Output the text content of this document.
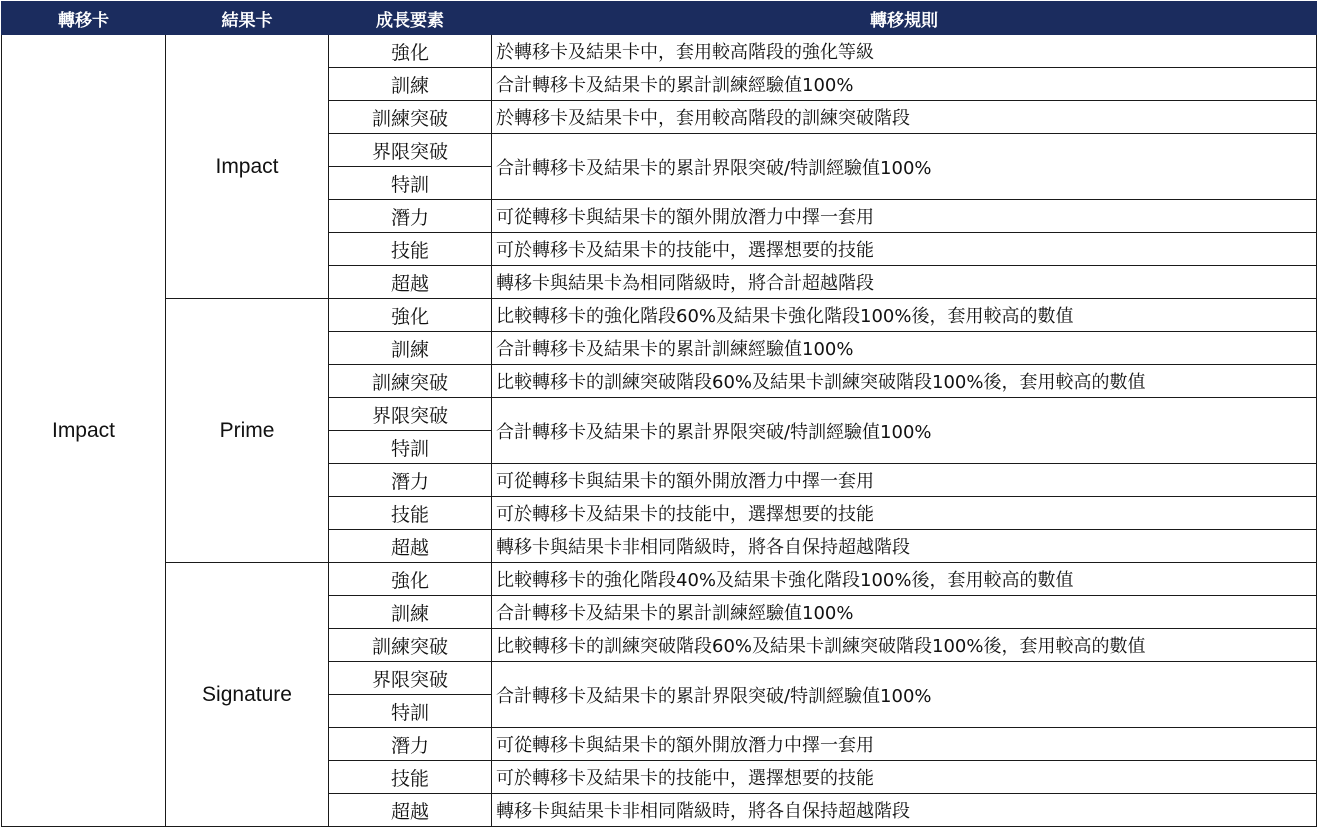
轉移卡	結果卡	成長要素	轉移規則
Impact	Impact	強化	於轉移卡及結果卡中，套用較高階段的強化等級
		訓練	合計轉移卡及結果卡的累計訓練經驗值100%
		訓練突破	於轉移卡及結果卡中，套用較高階段的訓練突破階段
		界限突破	合計轉移卡及結果卡的累計界限突破/特訓經驗值100%
		特訓	
		潛力	可從轉移卡與結果卡的額外開放潛力中擇一套用
		技能	可於轉移卡及結果卡的技能中，選擇想要的技能
		超越	轉移卡與結果卡為相同階級時，將合計超越階段
	Prime	強化	比較轉移卡的強化階段60%及結果卡強化階段100%後，套用較高的數值
		訓練	合計轉移卡及結果卡的累計訓練經驗值100%
		訓練突破	比較轉移卡的訓練突破階段60%及結果卡訓練突破階段100%後，套用較高的數值
		界限突破	合計轉移卡及結果卡的累計界限突破/特訓經驗值100%
		特訓	
		潛力	可從轉移卡與結果卡的額外開放潛力中擇一套用
		技能	可於轉移卡及結果卡的技能中，選擇想要的技能
		超越	轉移卡與結果卡非相同階級時，將各自保持超越階段
	Signature	強化	比較轉移卡的強化階段40%及結果卡強化階段100%後，套用較高的數值
		訓練	合計轉移卡及結果卡的累計訓練經驗值100%
		訓練突破	比較轉移卡的訓練突破階段60%及結果卡訓練突破階段100%後，套用較高的數值
		界限突破	合計轉移卡及結果卡的累計界限突破/特訓經驗值100%
		特訓	
		潛力	可從轉移卡與結果卡的額外開放潛力中擇一套用
		技能	可於轉移卡及結果卡的技能中，選擇想要的技能
		超越	轉移卡與結果卡非相同階級時，將各自保持超越階段
